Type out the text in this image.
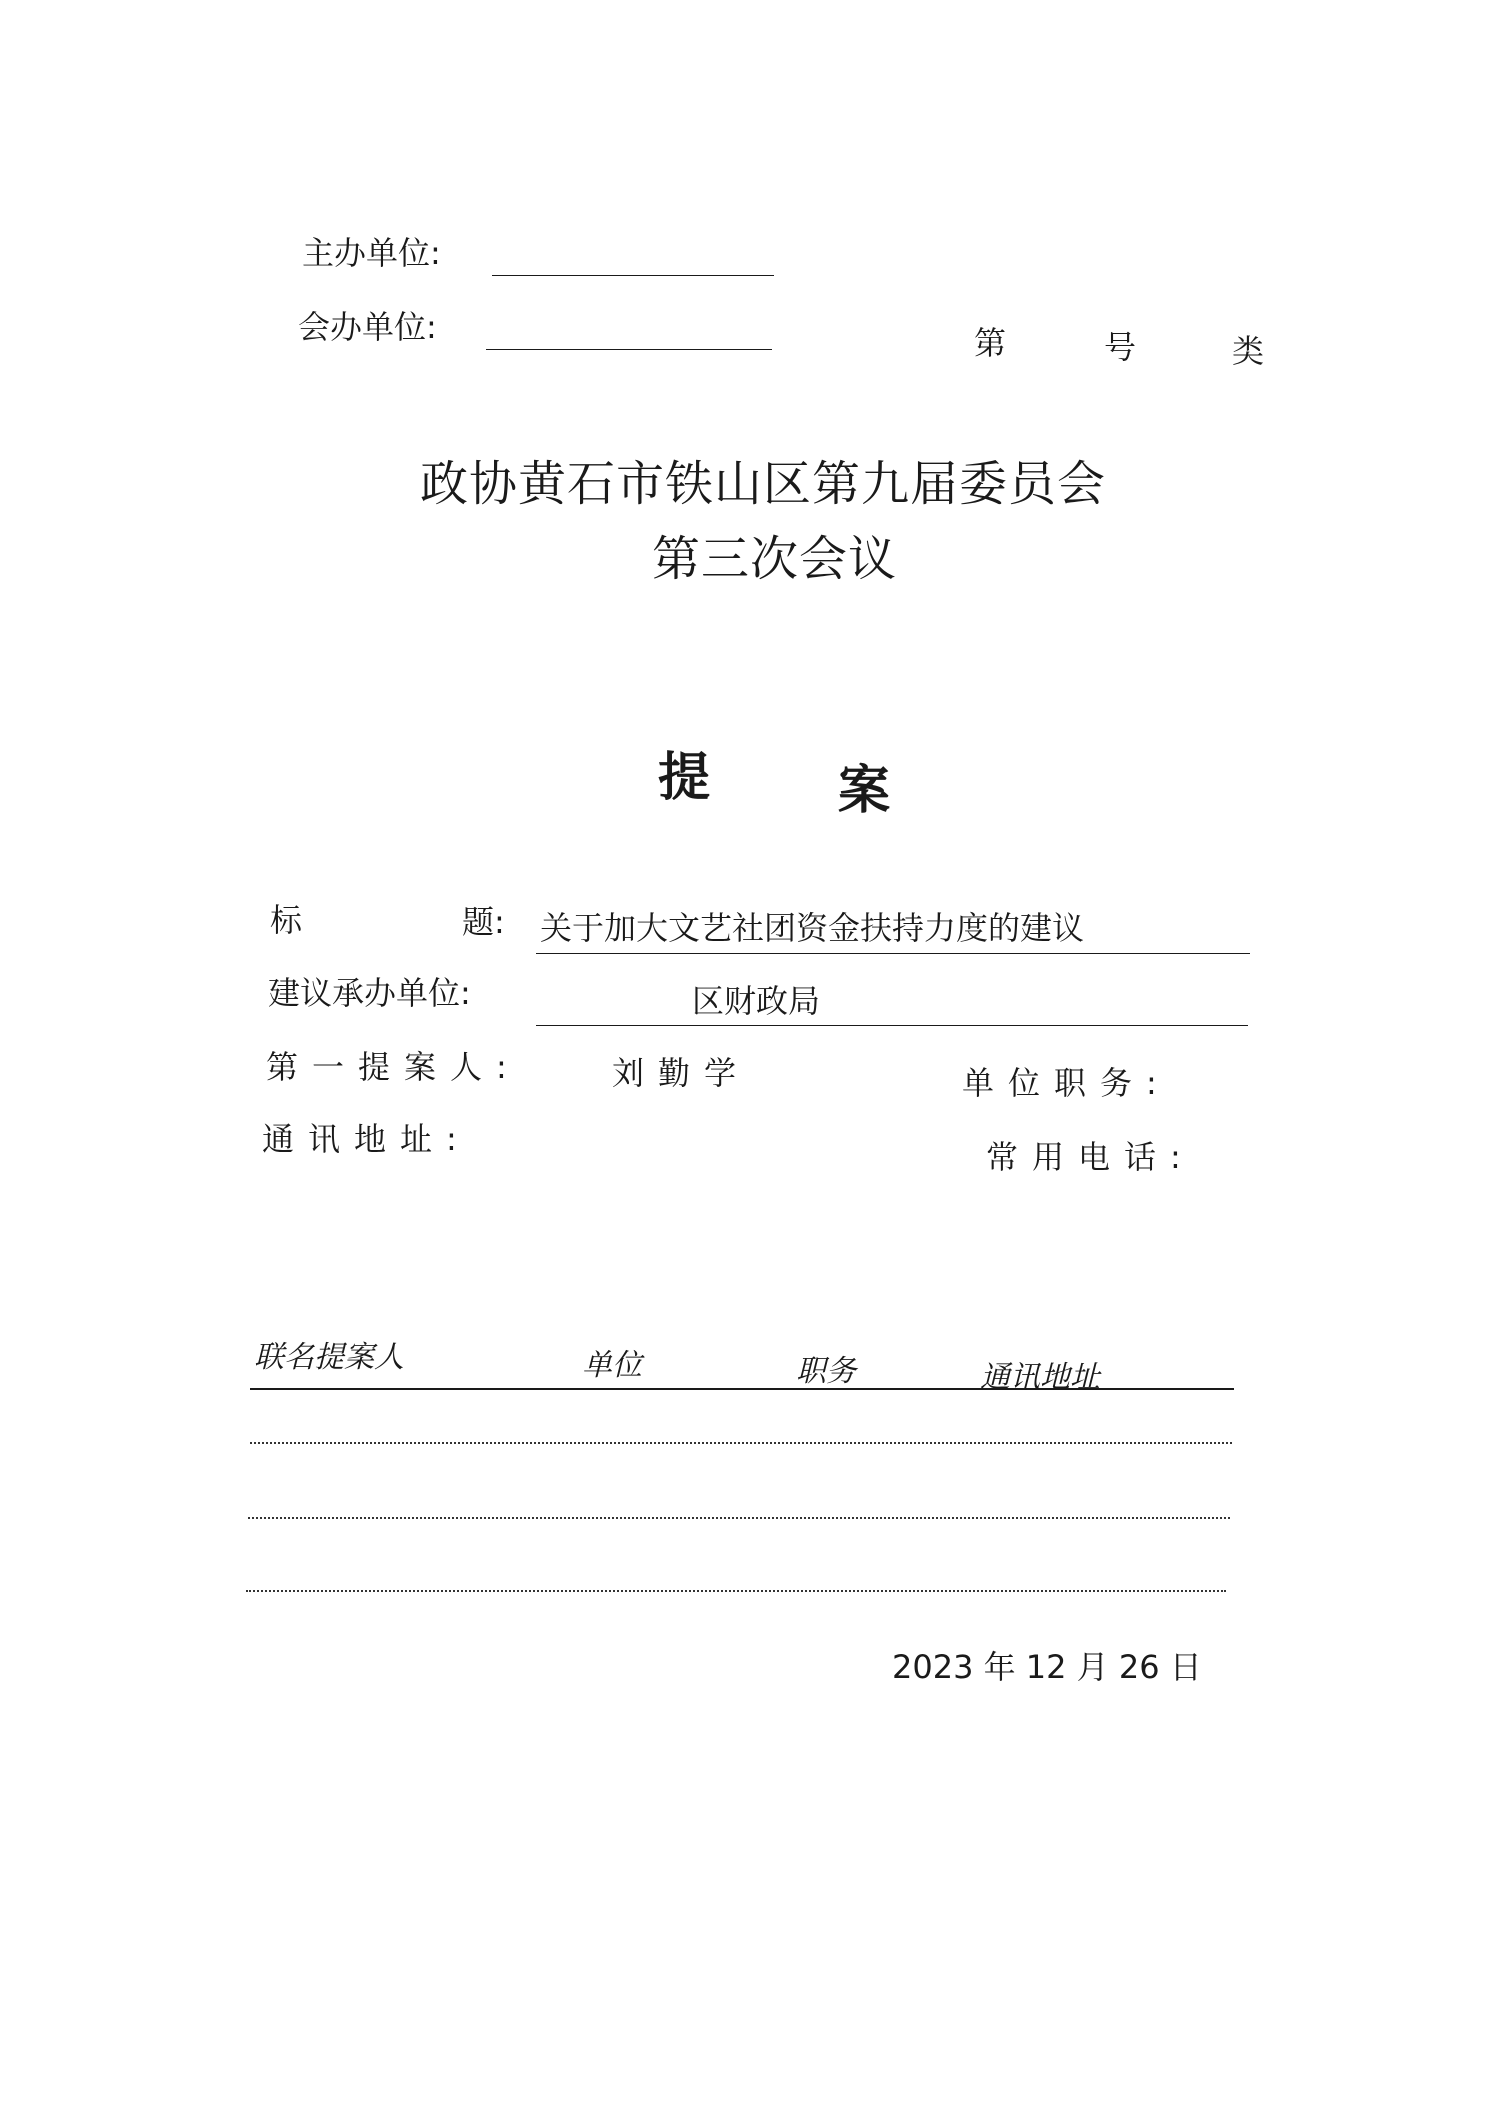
主办单位:
会办单位:	第	号	类
政协黄石市铁山区第九届委员会
第三次会议
提 案
标	题: 关于加大文艺社团资金扶持力度的建议
建议承办单位:	区财政局
第一提案人:	刘勤学	单位职务:
通讯地址:	常用电话:
联名提案人	单位	职务	通讯地址
2023 年 12 月 26 日
